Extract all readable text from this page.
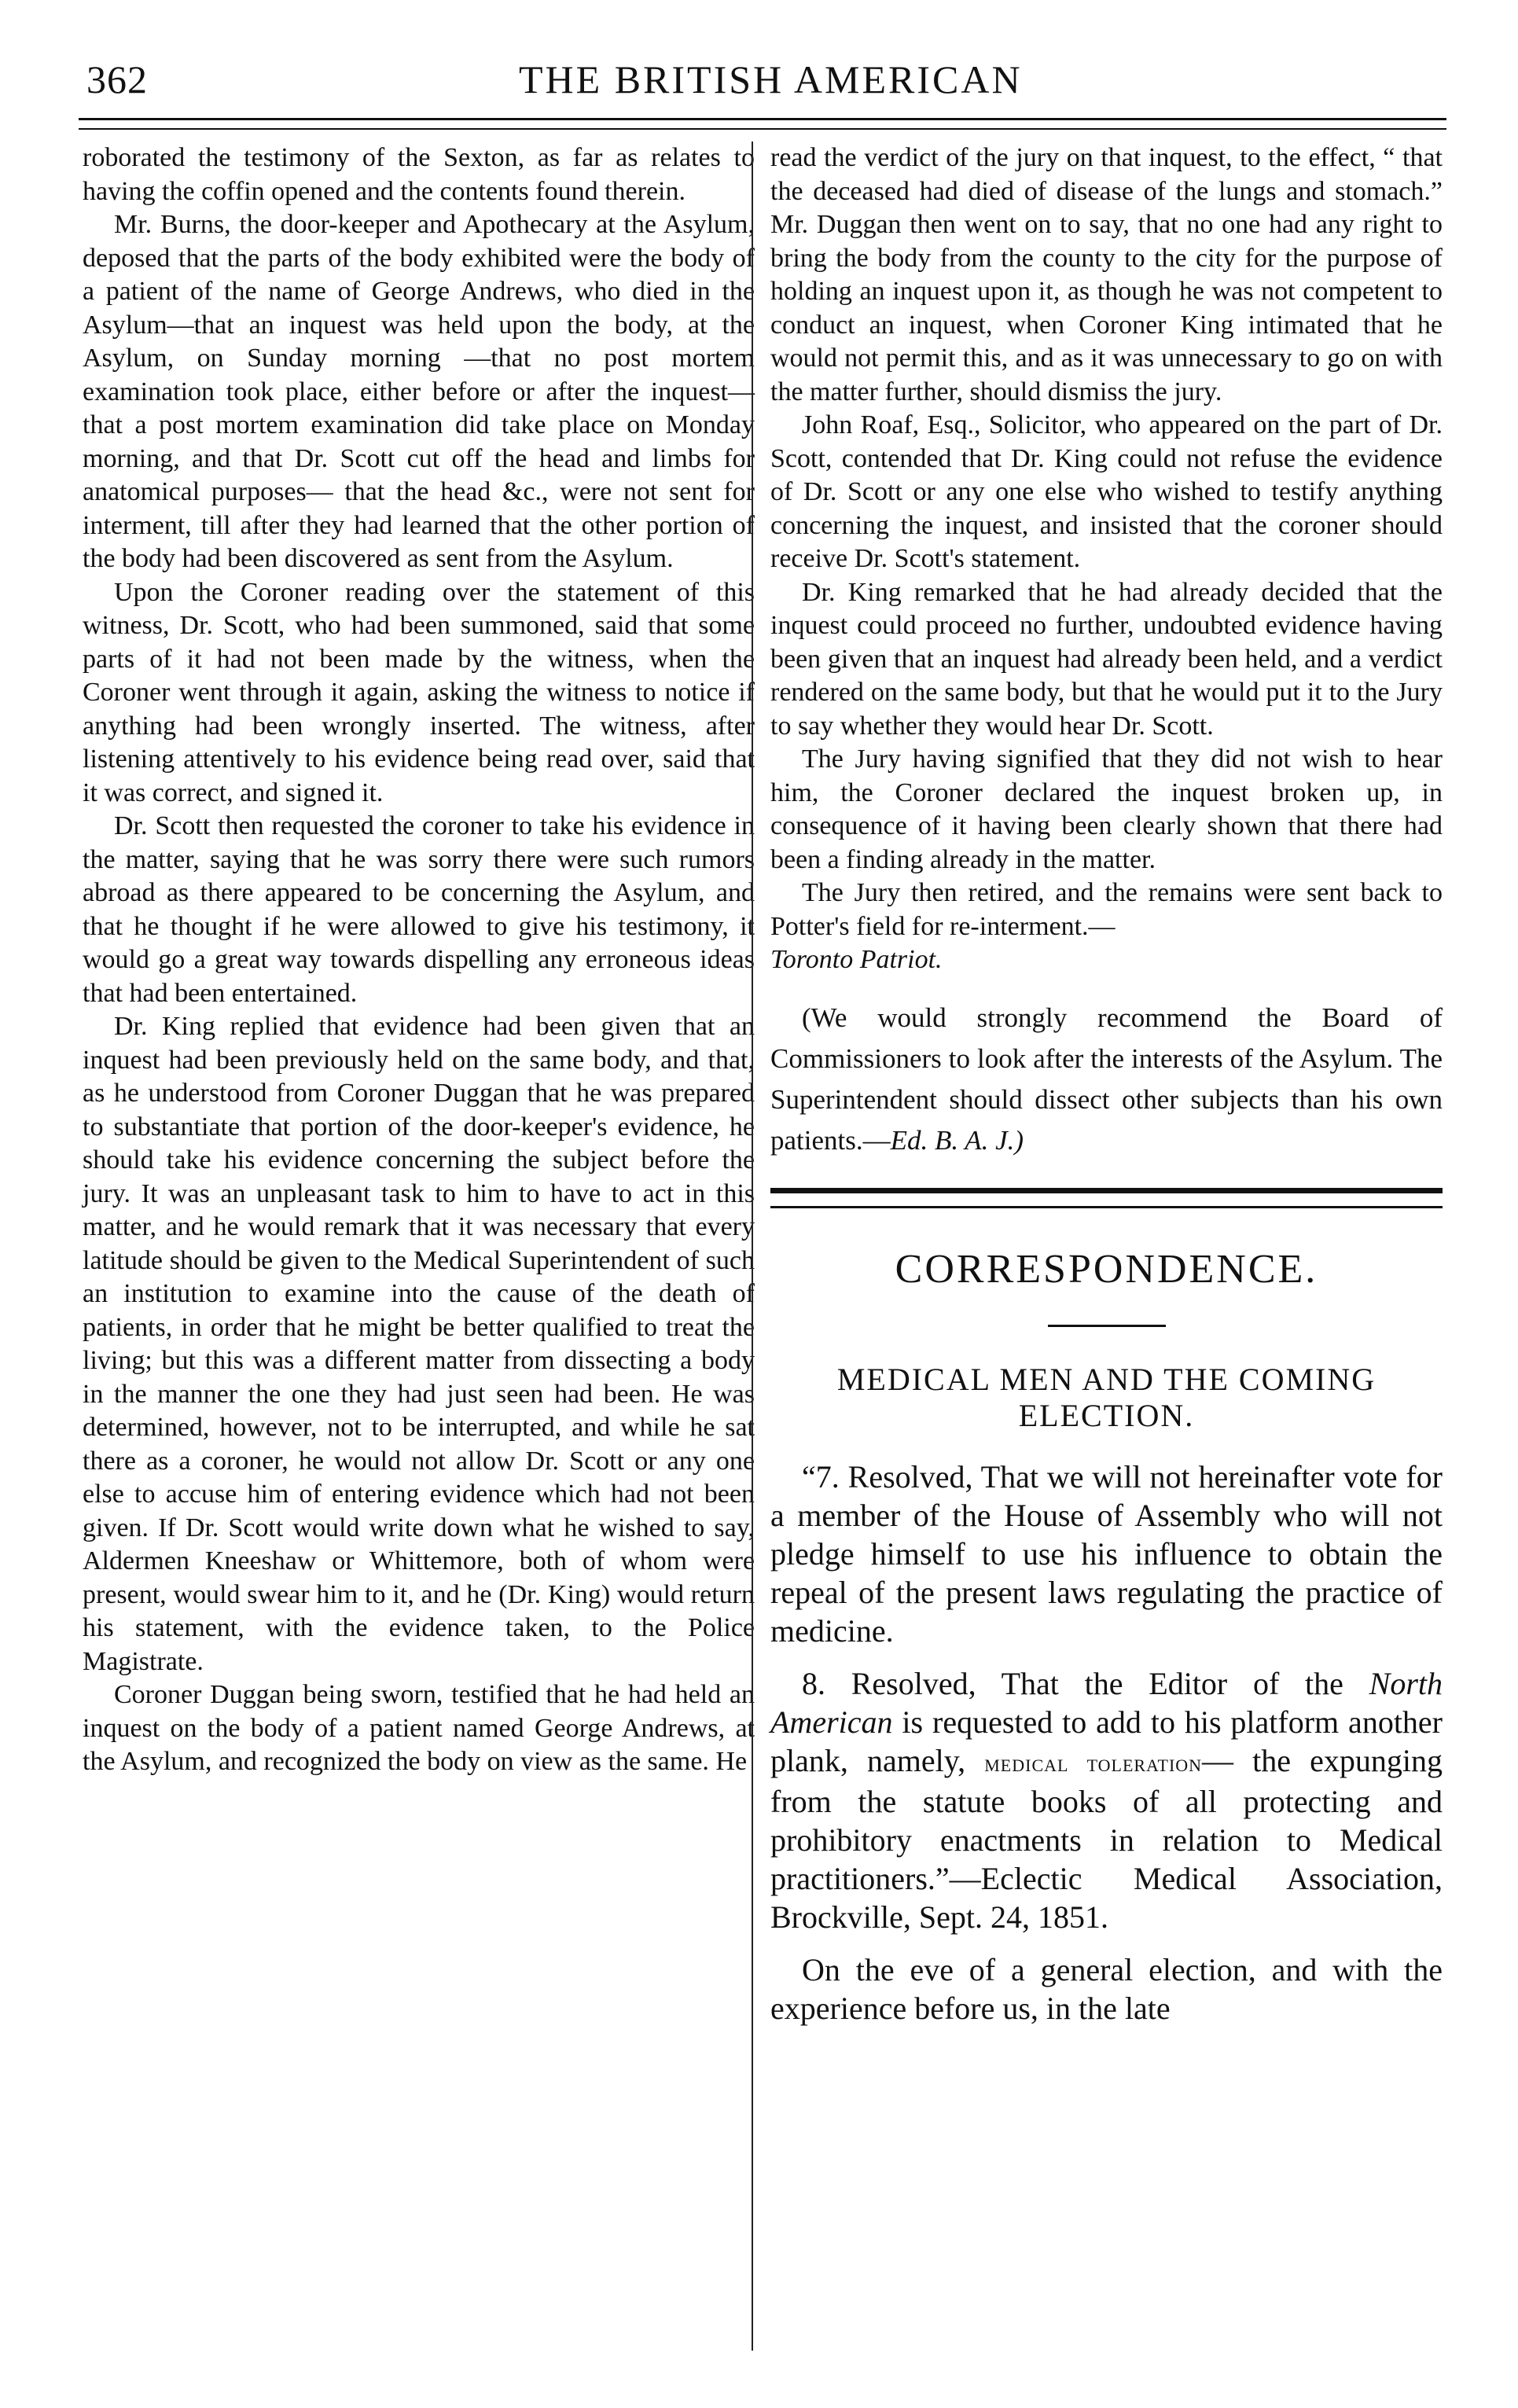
362	THE BRITISH AMERICAN

roborated the testimony of the Sexton, as far as relates to having the coffin opened and the contents found therein.

Mr. Burns, the door-keeper and Apothecary at the Asylum, deposed that the parts of the body exhibited were the body of a patient of the name of George Andrews, who died in the Asylum—that an inquest was held upon the body, at the Asylum, on Sunday morning —that no post mortem examination took place, either before or after the inquest—that a post mortem examination did take place on Monday morning, and that Dr. Scott cut off the head and limbs for anatomical purposes— that the head &c., were not sent for interment, till after they had learned that the other portion of the body had been discovered as sent from the Asylum.

Upon the Coroner reading over the statement of this witness, Dr. Scott, who had been summoned, said that some parts of it had not been made by the witness, when the Coroner went through it again, asking the witness to notice if anything had been wrongly inserted. The witness, after listening attentively to his evidence being read over, said that it was correct, and signed it.

Dr. Scott then requested the coroner to take his evidence in the matter, saying that he was sorry there were such rumors abroad as there appeared to be concerning the Asylum, and that he thought if he were allowed to give his testimony, it would go a great way towards dispelling any erroneous ideas that had been entertained.

Dr. King replied that evidence had been given that an inquest had been previously held on the same body, and that, as he understood from Coroner Duggan that he was prepared to substantiate that portion of the door-keeper's evidence, he should take his evidence concerning the subject before the jury. It was an unpleasant task to him to have to act in this matter, and he would remark that it was necessary that every latitude should be given to the Medical Superintendent of such an institution to examine into the cause of the death of patients, in order that he might be better qualified to treat the living; but this was a different matter from dissecting a body in the manner the one they had just seen had been. He was determined, however, not to be interrupted, and while he sat there as a coroner, he would not allow Dr. Scott or any one else to accuse him of entering evidence which had not been given. If Dr. Scott would write down what he wished to say, Aldermen Kneeshaw or Whittemore, both of whom were present, would swear him to it, and he (Dr. King) would return his statement, with the evidence taken, to the Police Magistrate.

Coroner Duggan being sworn, testified that he had held an inquest on the body of a patient named George Andrews, at the Asylum, and recognized the body on view as the same. He

read the verdict of the jury on that inquest, to the effect, “ that the deceased had died of disease of the lungs and stomach.” Mr. Duggan then went on to say, that no one had any right to bring the body from the county to the city for the purpose of holding an inquest upon it, as though he was not competent to conduct an inquest, when Coroner King intimated that he would not permit this, and as it was unnecessary to go on with the matter further, should dismiss the jury.

John Roaf, Esq., Solicitor, who appeared on the part of Dr. Scott, contended that Dr. King could not refuse the evidence of Dr. Scott or any one else who wished to testify anything concerning the inquest, and insisted that the coroner should receive Dr. Scott's statement.

Dr. King remarked that he had already decided that the inquest could proceed no further, undoubted evidence having been given that an inquest had already been held, and a verdict rendered on the same body, but that he would put it to the Jury to say whether they would hear Dr. Scott.

The Jury having signified that they did not wish to hear him, the Coroner declared the inquest broken up, in consequence of it having been clearly shown that there had been a finding already in the matter.

The Jury then retired, and the remains were sent back to Potter's field for re-interment.—

Toronto Patriot.

(We would strongly recommend the Board of Commissioners to look after the interests of the Asylum. The Superintendent should dissect other subjects than his own patients.—Ed. B. A. J.)

CORRESPONDENCE.
MEDICAL MEN AND THE COMING ELECTION.

“7. Resolved, That we will not hereinafter vote for a member of the House of Assembly who will not pledge himself to use his influence to obtain the repeal of the present laws regulating the practice of medicine.

8. Resolved, That the Editor of the North American is requested to add to his platform another plank, namely, medical toleration— the expunging from the statute books of all protecting and prohibitory enactments in relation to Medical practitioners.”—Eclectic Medical Association, Brockville, Sept. 24, 1851.

On the eve of a general election, and with the experience before us, in the late
